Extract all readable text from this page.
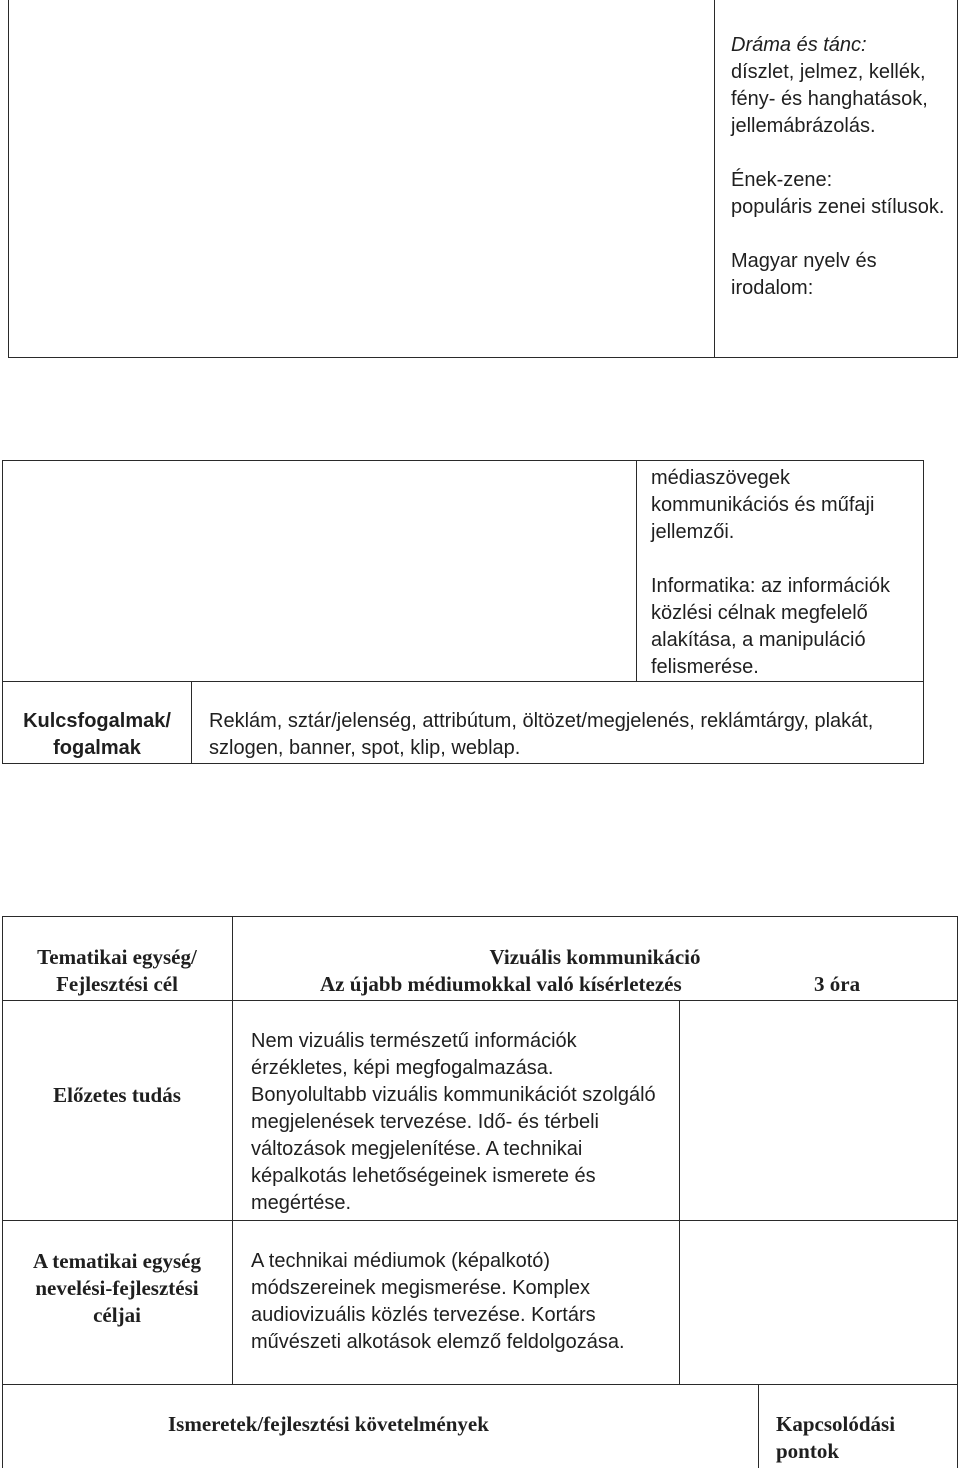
Dráma és tánc:

díszlet, jelmez, kellék, fény- és hanghatások, jellemábrázolás.

Ének-zene:

populáris zenei stílusok.

Magyar nyelv és irodalom:

médiaszövegek kommunikációs és műfaji jellemzői.

Informatika: az információk közlési célnak megfelelő alakítása, a manipuláció felismerése.

Kulcsfogalmak/

fogalmak

Reklám, sztár/jelenség, attribútum, öltözet/megjelenés, reklámtárgy, plakát, szlogen, banner, spot, klip, weblap.

Tematikai egység/

Fejlesztési cél

Vizuális kommunikáció

Az újabb médiumokkal való kísérletezés	3 óra
Előzetes tudás
Nem vizuális természetű információk érzékletes, képi megfogalmazása. Bonyolultabb vizuális kommunikációt szolgáló megjelenések tervezése. Idő- és térbeli változások megjelenítése. A technikai képalkotás lehetőségeinek ismerete és megértése.

A tematikai egység

nevelési-fejlesztési

céljai

A technikai médiumok (képalkotó) módszereinek megismerése. Komplex audiovizuális közlés tervezése. Kortárs művészeti alkotások elemző feldolgozása.
Ismeretek/fejlesztési követelmények	Kapcsolódási pontok
